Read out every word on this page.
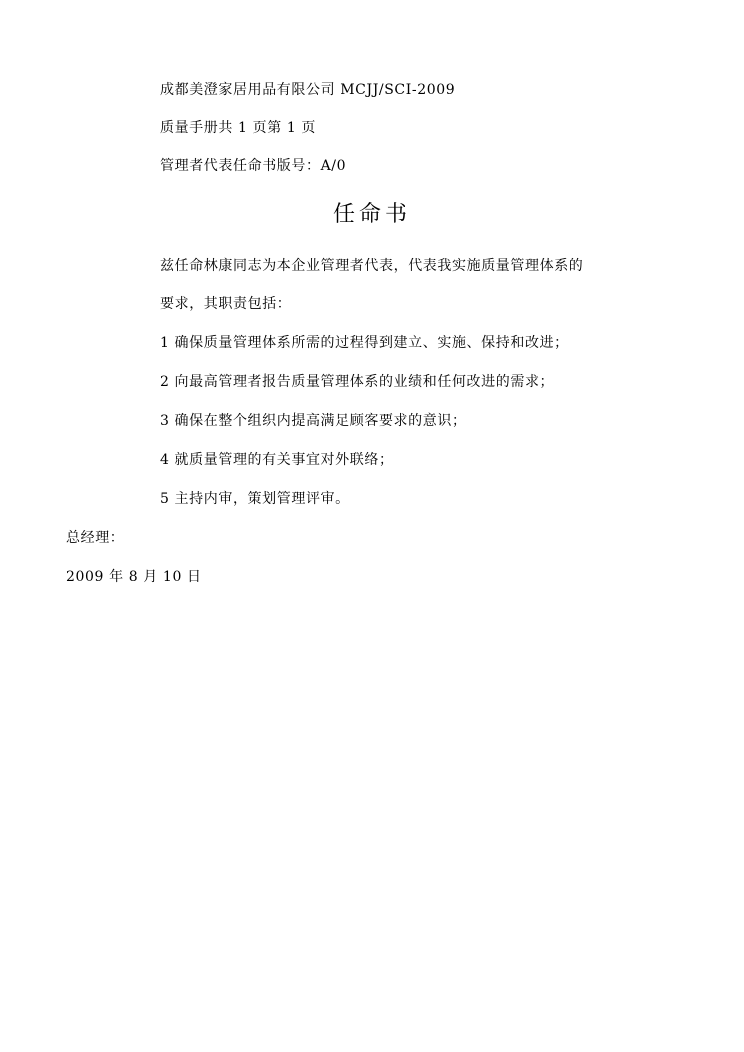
成都美澄家居用品有限公司 MCJJ/SCI-2009
质量手册共 1 页第 1 页
管理者代表任命书版号：A/0
任命书
兹任命林康同志为本企业管理者代表，代表我实施质量管理体系的
要求，其职责包括：
1 确保质量管理体系所需的过程得到建立、实施、保持和改进；
2 向最高管理者报告质量管理体系的业绩和任何改进的需求；
3 确保在整个组织内提高满足顾客要求的意识；
4 就质量管理的有关事宜对外联络；
5 主持内审，策划管理评审。
总经理：
2009 年 8 月 10 日
